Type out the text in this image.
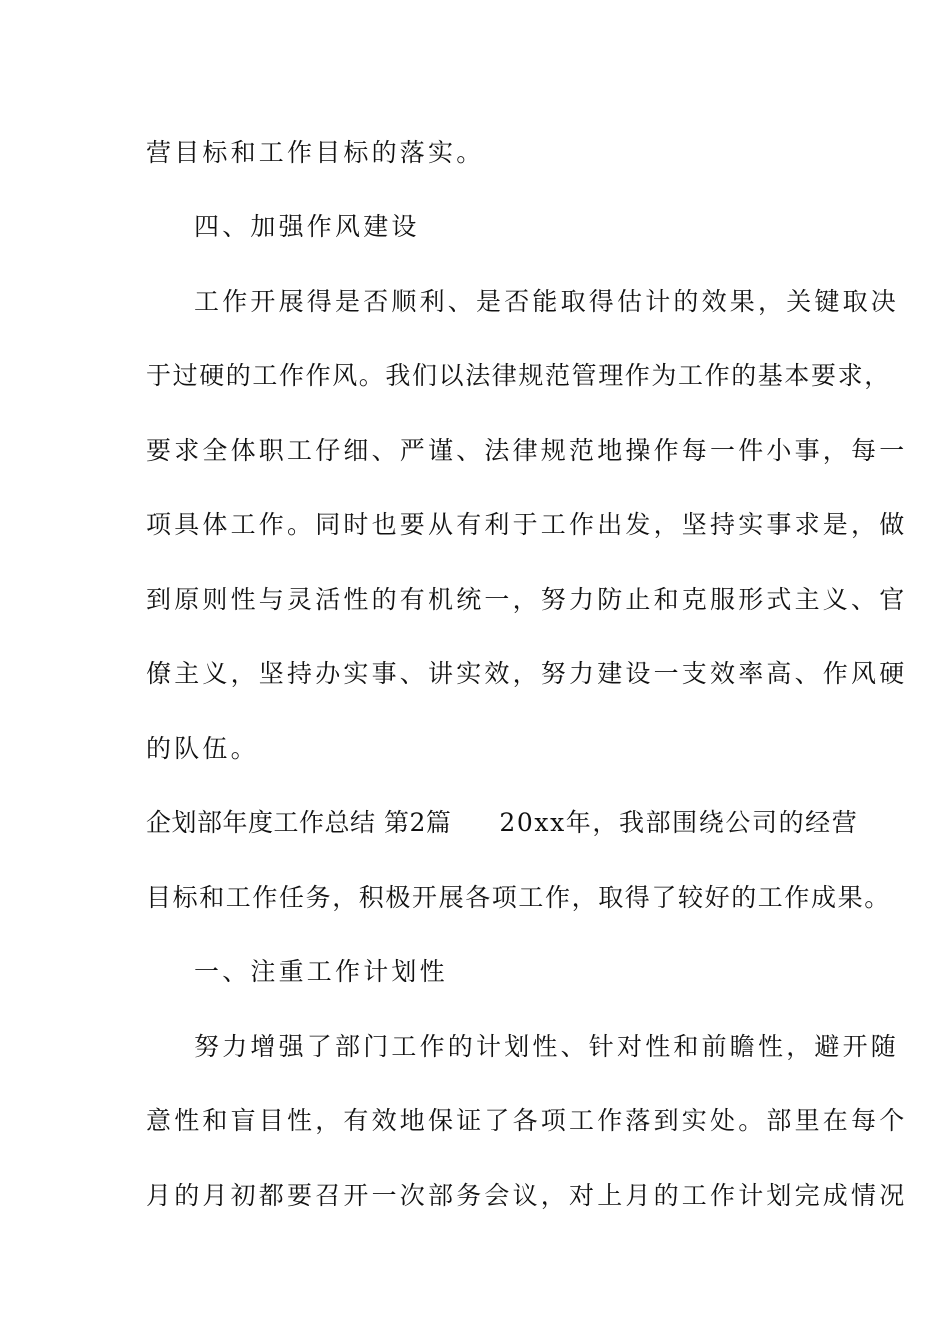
营目标和工作目标的落实。
四、加强作风建设
工作开展得是否顺利、是否能取得估计的效果，关键取决
于过硬的工作作风。我们以法律规范管理作为工作的基本要求，
要求全体职工仔细、严谨、法律规范地操作每一件小事，每一
项具体工作。同时也要从有利于工作出发，坚持实事求是，做
到原则性与灵活性的有机统一，努力防止和克服形式主义、官
僚主义，坚持办实事、讲实效，努力建设一支效率高、作风硬
的队伍。
企划部年度工作总结 第2篇 20xx年，我部围绕公司的经营
目标和工作任务，积极开展各项工作，取得了较好的工作成果。
一、注重工作计划性
努力增强了部门工作的计划性、针对性和前瞻性，避开随
意性和盲目性，有效地保证了各项工作落到实处。部里在每个
月的月初都要召开一次部务会议，对上月的工作计划完成情况
